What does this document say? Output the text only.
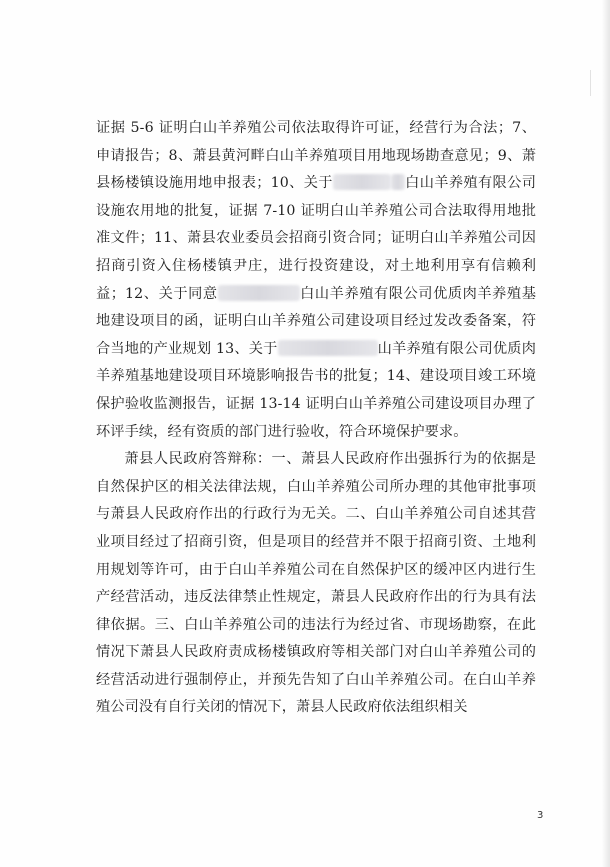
证据 5-6 证明白山羊养殖公司依法取得许可证，经营行为合法；7、申请报告；8、萧县黄河畔白山羊养殖项目用地现场勘查意见；9、萧县杨楼镇设施用地申报表；10、关于	白山羊养殖有限公司设施农用地的批复，证据 7-10 证明白山羊养殖公司合法取得用地批准文件；11、萧县农业委员会招商引资合同；证明白山羊养殖公司因招商引资入住杨楼镇尹庄，进行投资建设，对土地利用享有信赖利益；12、关于同意	白山羊养殖有限公司优质肉羊养殖基地建设项目的函，证明白山羊养殖公司建设项目经过发改委备案，符合当地的产业规划 13、关于	山羊养殖有限公司优质肉羊养殖基地建设项目环境影响报告书的批复；14、建设项目竣工环境保护验收监测报告，证据 13-14 证明白山羊养殖公司建设项目办理了环评手续，经有资质的部门进行验收，符合环境保护要求。

萧县人民政府答辩称：一、萧县人民政府作出强拆行为的依据是自然保护区的相关法律法规，白山羊养殖公司所办理的其他审批事项与萧县人民政府作出的行政行为无关。二、白山羊养殖公司自述其营业项目经过了招商引资，但是项目的经营并不限于招商引资、土地利用规划等许可，由于白山羊养殖公司在自然保护区的缓冲区内进行生产经营活动，违反法律禁止性规定，萧县人民政府作出的行为具有法律依据。三、白山羊养殖公司的违法行为经过省、市现场勘察，在此情况下萧县人民政府责成杨楼镇政府等相关部门对白山羊养殖公司的经营活动进行强制停止，并预先告知了白山羊养殖公司。在白山羊养殖公司没有自行关闭的情况下，萧县人民政府依法组织相关

3
